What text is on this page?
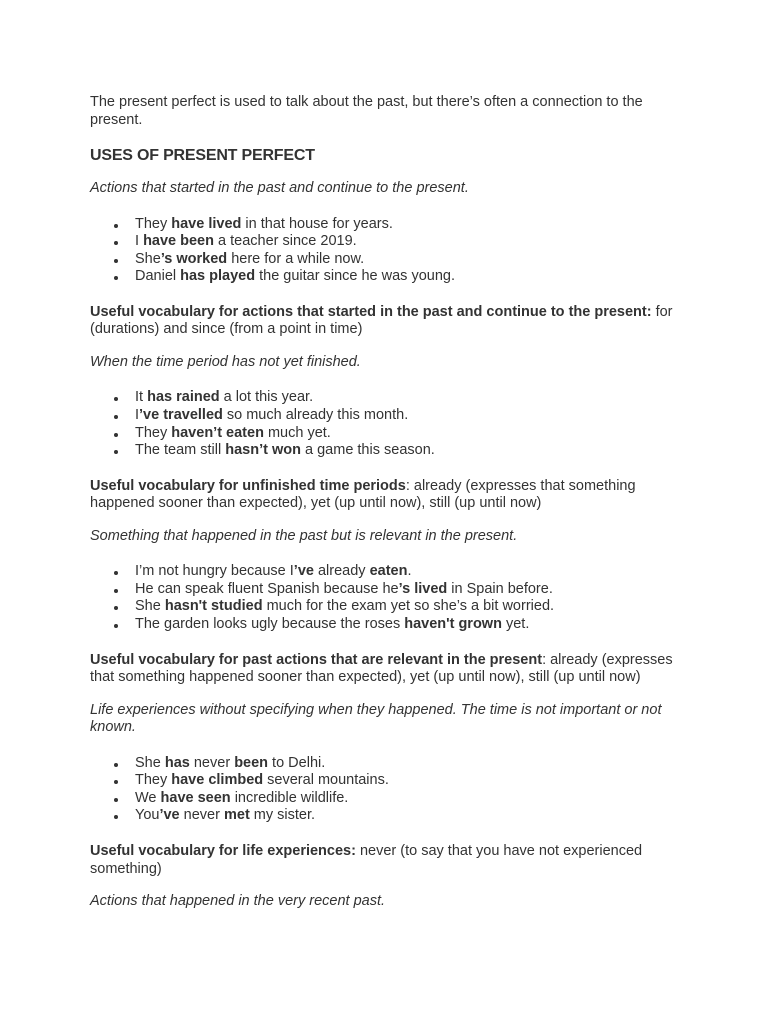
The present perfect is used to talk about the past, but there’s often a connection to the present.

USES OF PRESENT PERFECT

Actions that started in the past and continue to the present.

They have lived in that house for years.
I have been a teacher since 2019.
She’s worked here for a while now.
Daniel has played the guitar since he was young.

Useful vocabulary for actions that started in the past and continue to the present: for (durations) and since (from a point in time)

When the time period has not yet finished.

It has rained a lot this year.
I’ve travelled so much already this month.
They haven’t eaten much yet.
The team still hasn’t won a game this season.

Useful vocabulary for unfinished time periods: already (expresses that something happened sooner than expected), yet (up until now), still (up until now)

Something that happened in the past but is relevant in the present.

I’m not hungry because I’ve already eaten.
He can speak fluent Spanish because he’s lived in Spain before.
She hasn't studied much for the exam yet so she’s a bit worried.
The garden looks ugly because the roses haven't grown yet.

Useful vocabulary for past actions that are relevant in the present: already (expresses that something happened sooner than expected), yet (up until now), still (up until now)

Life experiences without specifying when they happened. The time is not important or not known.

She has never been to Delhi.
They have climbed several mountains.
We have seen incredible wildlife.
You’ve never met my sister.

Useful vocabulary for life experiences: never (to say that you have not experienced something)

Actions that happened in the very recent past.
